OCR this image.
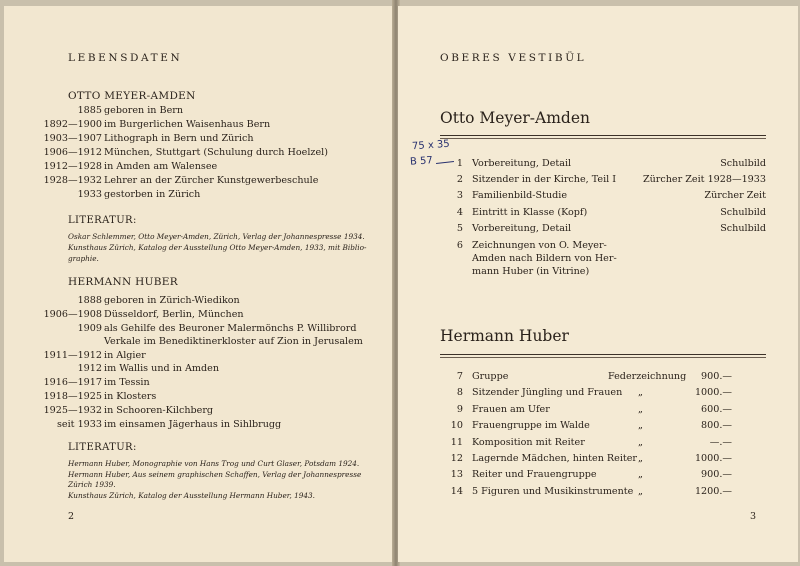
LEBENSDATEN
OTTO MEYER-AMDEN
1885 geboren in Bern
1892—1900 im Burgerlichen Waisenhaus Bern
1903—1907 Lithograph in Bern und Zürich
1906—1912 München, Stuttgart (Schulung durch Hoelzel)
1912—1928 in Amden am Walensee
1928—1932 Lehrer an der Zürcher Kunstgewerbeschule
1933 gestorben in Zürich
LITERATUR:
Oskar Schlemmer, Otto Meyer-Amden, Zürich, Verlag der Johannespresse 1934.
Kunsthaus Zürich, Katalog der Ausstellung Otto Meyer-Amden, 1933, mit Biblio-
graphie.
HERMANN HUBER
1888 geboren in Zürich-Wiedikon
1906—1908 Düsseldorf, Berlin, München
1909 als Gehilfe des Beuroner Malermönchs P. Willibrord
Verkale im Benediktinerkloster auf Zion in Jerusalem
1911—1912 in Algier
1912 im Wallis und in Amden
1916—1917 im Tessin
1918—1925 in Klosters
1925—1932 in Schooren-Kilchberg
seit 1933 im einsamen Jägerhaus in Sihlbrugg
LITERATUR:
Hermann Huber, Monographie von Hans Trog und Curt Glaser, Potsdam 1924.
Hermann Huber, Aus seinem graphischen Schaffen, Verlag der Johannespresse
Zürich 1939.
Kunsthaus Zürich, Katalog der Ausstellung Hermann Huber, 1943.
2
OBERES VESTIBÜL
Otto Meyer-Amden
75 x 35
B 57 1 Vorbereitung, Detail	Schulbild
2 Sitzender in der Kirche, Teil I	Zürcher Zeit 1928—1933
3 Familienbild-Studie	Zürcher Zeit
4 Eintritt in Klasse (Kopf)	Schulbild
5 Vorbereitung, Detail	Schulbild
6 Zeichnungen von O. Meyer-
Amden nach Bildern von Her-
mann Huber (in Vitrine)
Hermann Huber
7 Gruppe	Federzeichnung 900.—
8 Sitzender Jüngling und Frauen „	1000.—
9 Frauen am Ufer	„	600.—
10 Frauengruppe im Walde	„	800.—
11 Komposition mit Reiter	„	—.—
12 Lagernde Mädchen, hinten Reiter „	1000.—
13 Reiter und Frauengruppe	„	900.—
14 5 Figuren und Musikinstrumente „	1200.—
3
